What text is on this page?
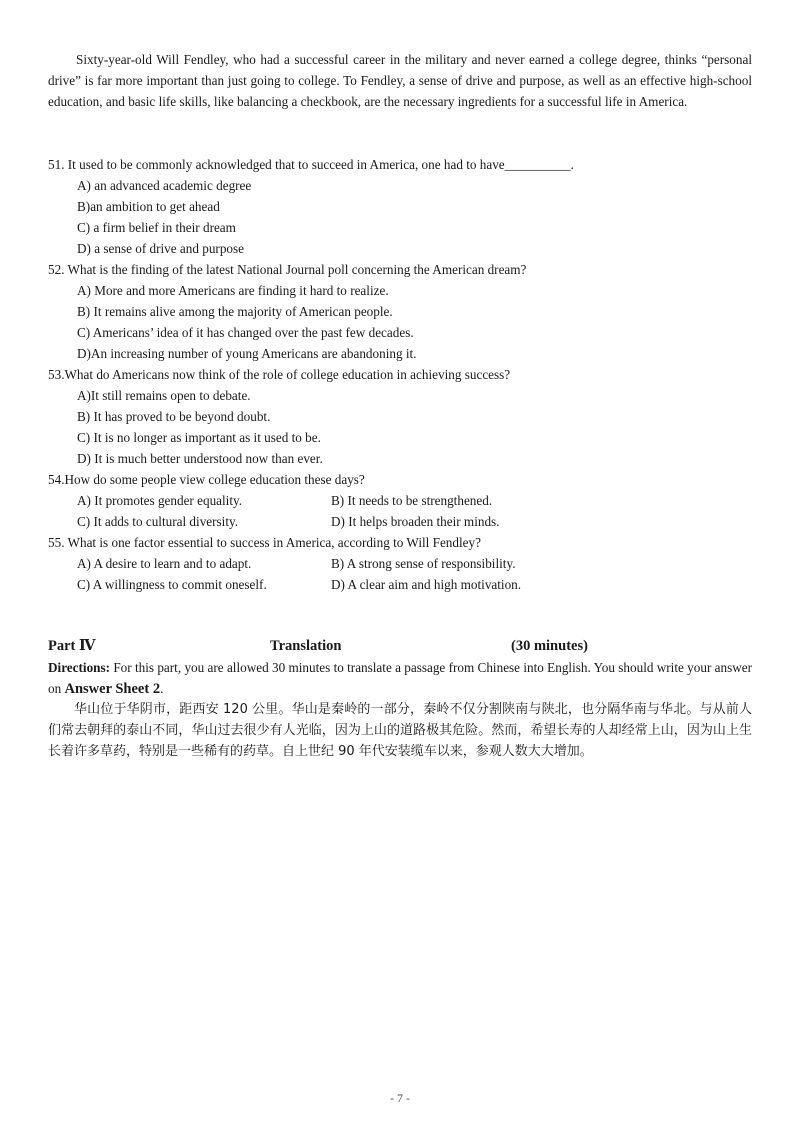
Sixty-year-old Will Fendley, who had a successful career in the military and never earned a college degree, thinks “personal drive” is far more important than just going to college. To Fendley, a sense of drive and purpose, as well as an effective high-school education, and basic life skills, like balancing a checkbook, are the necessary ingredients for a successful life in America.

51. It used to be commonly acknowledged that to succeed in America, one had to have__________.
A) an advanced academic degree
B)an ambition to get ahead
C) a firm belief in their dream
D) a sense of drive and purpose
52. What is the finding of the latest National Journal poll concerning the American dream?
A) More and more Americans are finding it hard to realize.
B) It remains alive among the majority of American people.
C) Americans’ idea of it has changed over the past few decades.
D)An increasing number of young Americans are abandoning it.
53.What do Americans now think of the role of college education in achieving success?
A)It still remains open to debate.
B) It has proved to be beyond doubt.
C) It is no longer as important as it used to be.
D) It is much better understood now than ever.
54.How do some people view college education these days?
A) It promotes gender equality.	B) It needs to be strengthened.
C) It adds to cultural diversity.	D) It helps broaden their minds.
55. What is one factor essential to success in America, according to Will Fendley?
A) A desire to learn and to adapt.	B) A strong sense of responsibility.
C) A willingness to commit oneself.	D) A clear aim and high motivation.
Part Ⅳ	Translation	(30 minutes)
Directions: For this part, you are allowed 30 minutes to translate a passage from Chinese into English. You should write your answer on Answer Sheet 2.

华山位于华阴市，距西安 120 公里。华山是秦岭的一部分，秦岭不仅分割陕南与陕北，也分隔华南与华北。与从前人们常去朝拜的泰山不同，华山过去很少有人光临，因为上山的道路极其危险。然而，希望长寿的人却经常上山，因为山上生长着许多草药，特别是一些稀有的药草。自上世纪 90 年代安装缆车以来，参观人数大大增加。

- 7 -
